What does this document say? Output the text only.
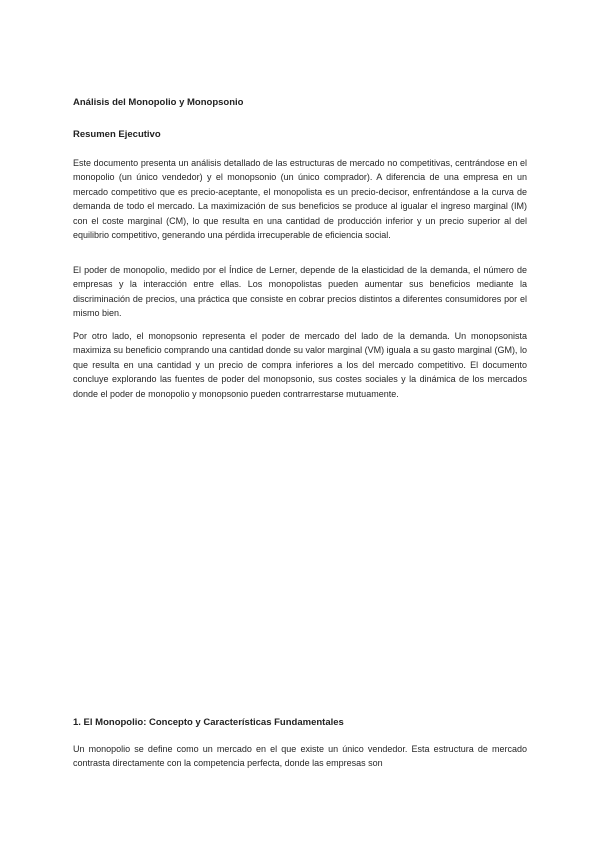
Análisis del Monopolio y Monopsonio
Resumen Ejecutivo

Este documento presenta un análisis detallado de las estructuras de mercado no competitivas, centrándose en el monopolio (un único vendedor) y el monopsonio (un único comprador). A diferencia de una empresa en un mercado competitivo que es precio-aceptante, el monopolista es un precio-decisor, enfrentándose a la curva de demanda de todo el mercado. La maximización de sus beneficios se produce al igualar el ingreso marginal (IM) con el coste marginal (CM), lo que resulta en una cantidad de producción inferior y un precio superior al del equilibrio competitivo, generando una pérdida irrecuperable de eficiencia social.

El poder de monopolio, medido por el Índice de Lerner, depende de la elasticidad de la demanda, el número de empresas y la interacción entre ellas. Los monopolistas pueden aumentar sus beneficios mediante la discriminación de precios, una práctica que consiste en cobrar precios distintos a diferentes consumidores por el mismo bien.

Por otro lado, el monopsonio representa el poder de mercado del lado de la demanda. Un monopsonista maximiza su beneficio comprando una cantidad donde su valor marginal (VM) iguala a su gasto marginal (GM), lo que resulta en una cantidad y un precio de compra inferiores a los del mercado competitivo. El documento concluye explorando las fuentes de poder del monopsonio, sus costes sociales y la dinámica de los mercados donde el poder de monopolio y monopsonio pueden contrarrestarse mutuamente.

1. El Monopolio: Concepto y Características Fundamentales

Un monopolio se define como un mercado en el que existe un único vendedor. Esta estructura de mercado contrasta directamente con la competencia perfecta, donde las empresas son
